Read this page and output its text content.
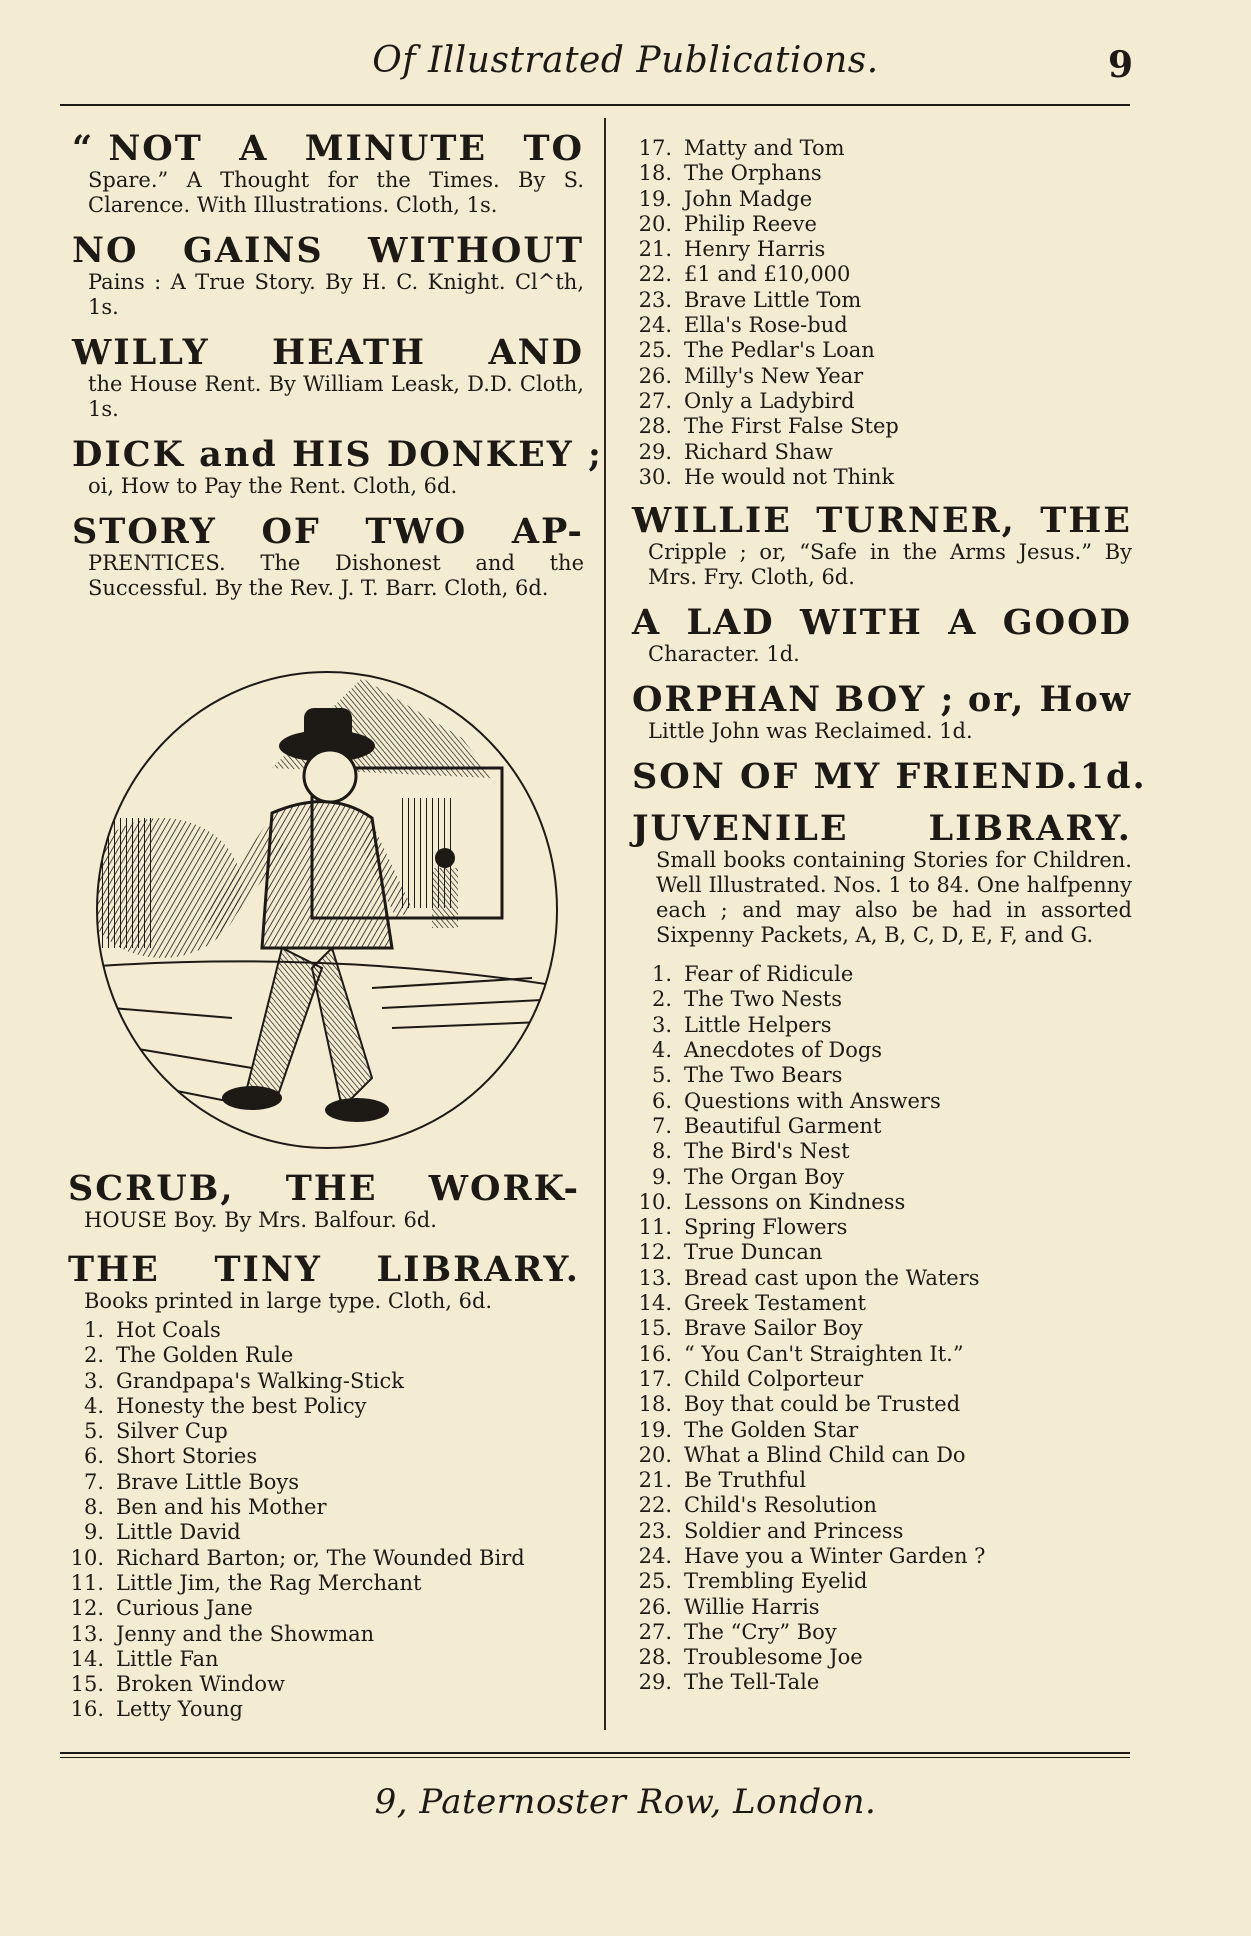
Of Illustrated Publications.	9
“ NOT A MINUTE TO
Spare.” A Thought for the Times. By S. Clarence. With Illustrations. Cloth, 1s.
NO GAINS WITHOUT
Pains : A True Story. By H. C. Knight. Cl^th, 1s.
WILLY HEATH AND
the House Rent. By William Leask, D.D. Cloth, 1s.
DICK and HIS DONKEY ;
oi, How to Pay the Rent. Cloth, 6d.
STORY OF TWO AP-
PRENTICES. The Dishonest and the Successful. By the Rev. J. T. Barr. Cloth, 6d.
SCRUB, THE WORK-
HOUSE Boy. By Mrs. Balfour. 6d.
THE TINY LIBRARY.
Books printed in large type. Cloth, 6d.
1. Hot Coals
2. The Golden Rule
3. Grandpapa's Walking-Stick
4. Honesty the best Policy
5. Silver Cup
6. Short Stories
7. Brave Little Boys
8. Ben and his Mother
9. Little David
10. Richard Barton; or, The Wounded Bird
11. Little Jim, the Rag Merchant
12. Curious Jane
13. Jenny and the Showman
14. Little Fan
15. Broken Window
16. Letty Young
17. Matty and Tom
18. The Orphans
19. John Madge
20. Philip Reeve
21. Henry Harris
22. £1 and £10,000
23. Brave Little Tom
24. Ella's Rose-bud
25. The Pedlar's Loan
26. Milly's New Year
27. Only a Ladybird
28. The First False Step
29. Richard Shaw
30. He would not Think
WILLIE TURNER, THE
Cripple ; or, “Safe in the Arms Jesus.” By Mrs. Fry. Cloth, 6d.
A LAD WITH A GOOD
Character. 1d.
ORPHAN BOY ; or, How
Little John was Reclaimed. 1d.
SON OF MY FRIEND. 1d.
JUVENILE LIBRARY.
Small books containing Stories for Children. Well Illustrated. Nos. 1 to 84. One halfpenny each ; and may also be had in assorted Sixpenny Packets, A, B, C, D, E, F, and G.
1. Fear of Ridicule
2. The Two Nests
3. Little Helpers
4. Anecdotes of Dogs
5. The Two Bears
6. Questions with Answers
7. Beautiful Garment
8. The Bird's Nest
9. The Organ Boy
10. Lessons on Kindness
11. Spring Flowers
12. True Duncan
13. Bread cast upon the Waters
14. Greek Testament
15. Brave Sailor Boy
16. “ You Can't Straighten It.”
17. Child Colporteur
18. Boy that could be Trusted
19. The Golden Star
20. What a Blind Child can Do
21. Be Truthful
22. Child's Resolution
23. Soldier and Princess
24. Have you a Winter Garden ?
25. Trembling Eyelid
26. Willie Harris
27. The “Cry” Boy
28. Troublesome Joe
29. The Tell-Tale
9, Paternoster Row, London.
